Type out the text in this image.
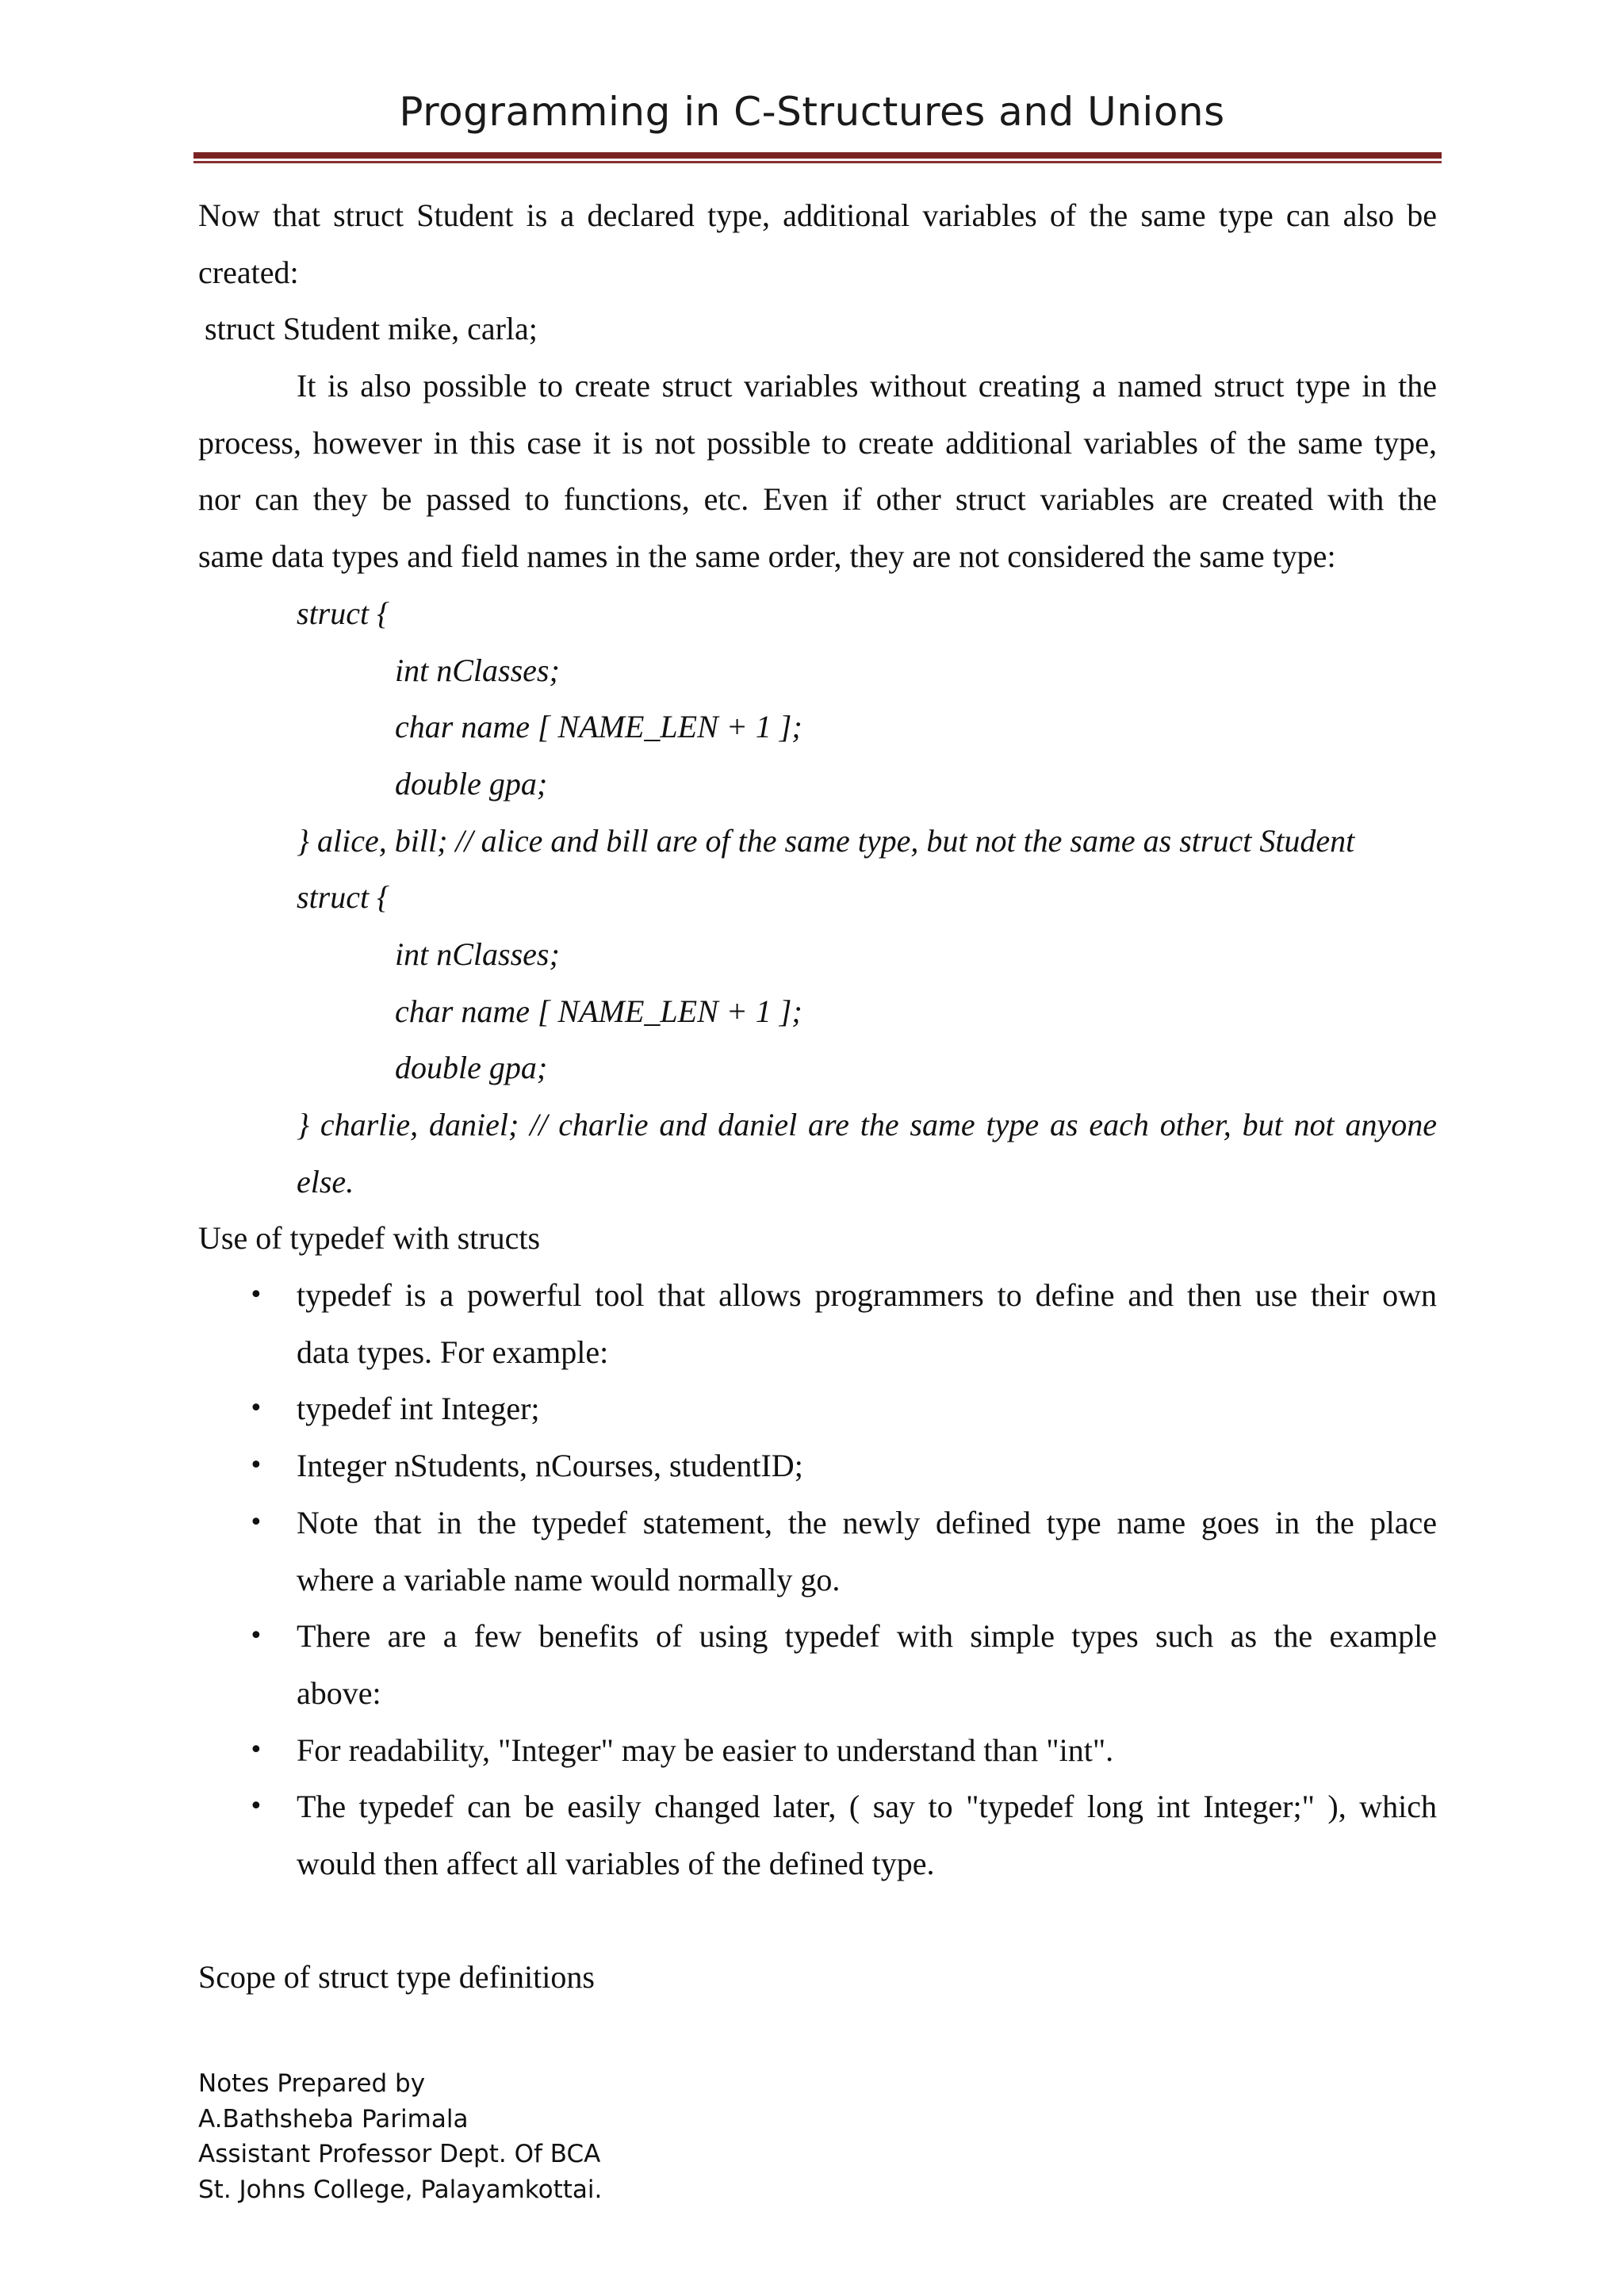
Programming in C-Structures and Unions
Now that struct Student is a declared type, additional variables of the same type can also be
created:
struct Student mike, carla;
It is also possible to create struct variables without creating a named struct type in the
process, however in this case it is not possible to create additional variables of the same type,
nor can they be passed to functions, etc. Even if other struct variables are created with the
same data types and field names in the same order, they are not considered the same type:
struct {
int nClasses;
char name [ NAME_LEN + 1 ];
double gpa;
} alice, bill; // alice and bill are of the same type, but not the same as struct Student
struct {
int nClasses;
char name [ NAME_LEN + 1 ];
double gpa;
} charlie, daniel; // charlie and daniel are the same type as each other, but not anyone
else.
Use of typedef with structs
• typedef is a powerful tool that allows programmers to define and then use their own
data types. For example:
• typedef int Integer;
• Integer nStudents, nCourses, studentID;
• Note that in the typedef statement, the newly defined type name goes in the place
where a variable name would normally go.
• There are a few benefits of using typedef with simple types such as the example
above:
• For readability, "Integer" may be easier to understand than "int".
• The typedef can be easily changed later, ( say to "typedef long int Integer;" ), which
would then affect all variables of the defined type.
Scope of struct type definitions
Notes Prepared by
A.Bathsheba Parimala
Assistant Professor Dept. Of BCA
St. Johns College, Palayamkottai.
